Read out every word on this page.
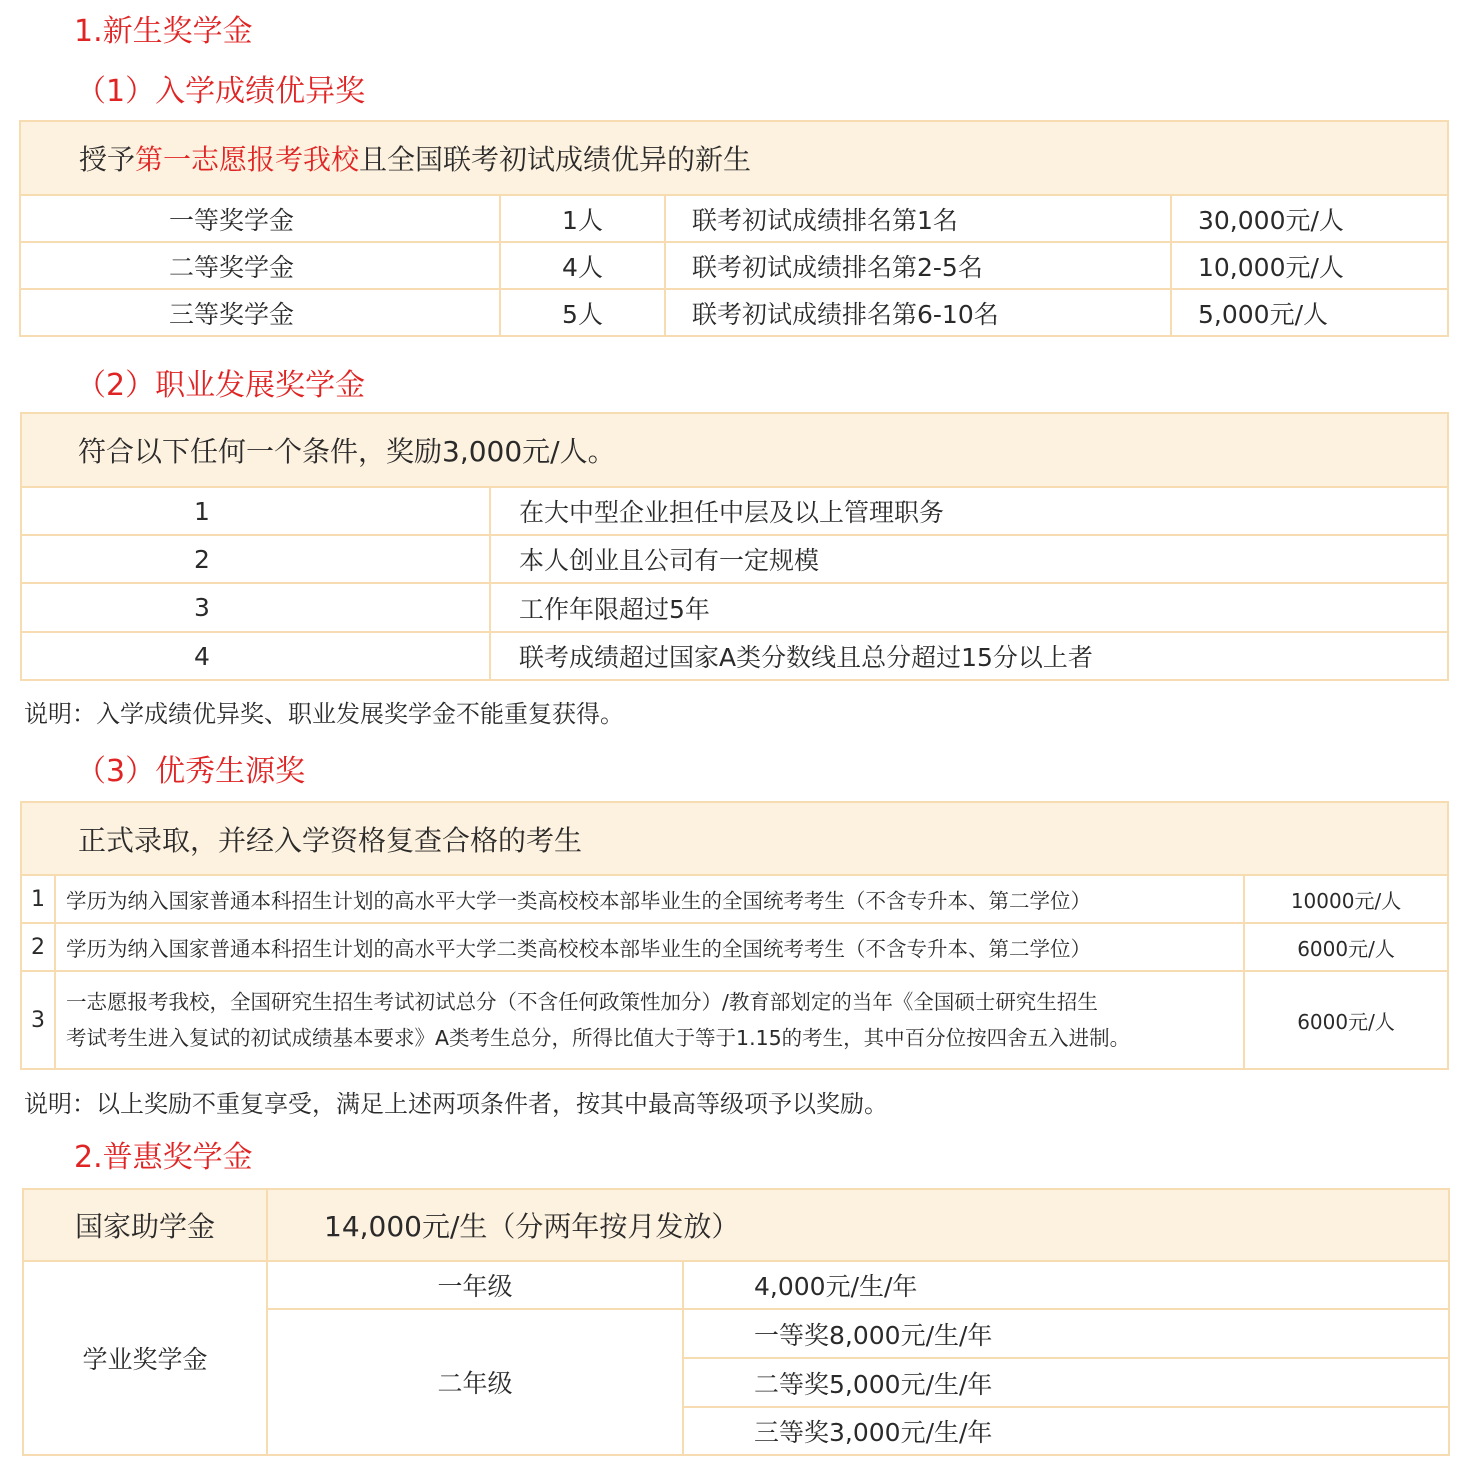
1.新生奖学金
（1）入学成绩优异奖
授予第一志愿报考我校且全国联考初试成绩优异的新生			
一等奖学金	1人	联考初试成绩排名第1名	30,000元/人
二等奖学金	4人	联考初试成绩排名第2-5名	10,000元/人
三等奖学金	5人	联考初试成绩排名第6-10名	5,000元/人
（2）职业发展奖学金
符合以下任何一个条件，奖励3,000元/人。	
1	在大中型企业担任中层及以上管理职务
2	本人创业且公司有一定规模
3	工作年限超过5年
4	联考成绩超过国家A类分数线且总分超过15分以上者
说明：入学成绩优异奖、职业发展奖学金不能重复获得。
（3）优秀生源奖
正式录取，并经入学资格复查合格的考生		
1	学历为纳入国家普通本科招生计划的高水平大学一类高校校本部毕业生的全国统考考生（不含专升本、第二学位）	10000元/人
2	学历为纳入国家普通本科招生计划的高水平大学二类高校校本部毕业生的全国统考考生（不含专升本、第二学位）	6000元/人
3	一志愿报考我校，全国研究生招生考试初试总分（不含任何政策性加分）/教育部划定的当年《全国硕士研究生招生
考试考生进入复试的初试成绩基本要求》A类考生总分，所得比值大于等于1.15的考生，其中百分位按四舍五入进制。	6000元/人
说明：以上奖励不重复享受，满足上述两项条件者，按其中最高等级项予以奖励。
2.普惠奖学金
国家助学金	14,000元/生（分两年按月发放）	
学业奖学金	一年级	4,000元/生/年
	二年级	一等奖8,000元/生/年
		二等奖5,000元/生/年
		三等奖3,000元/生/年
